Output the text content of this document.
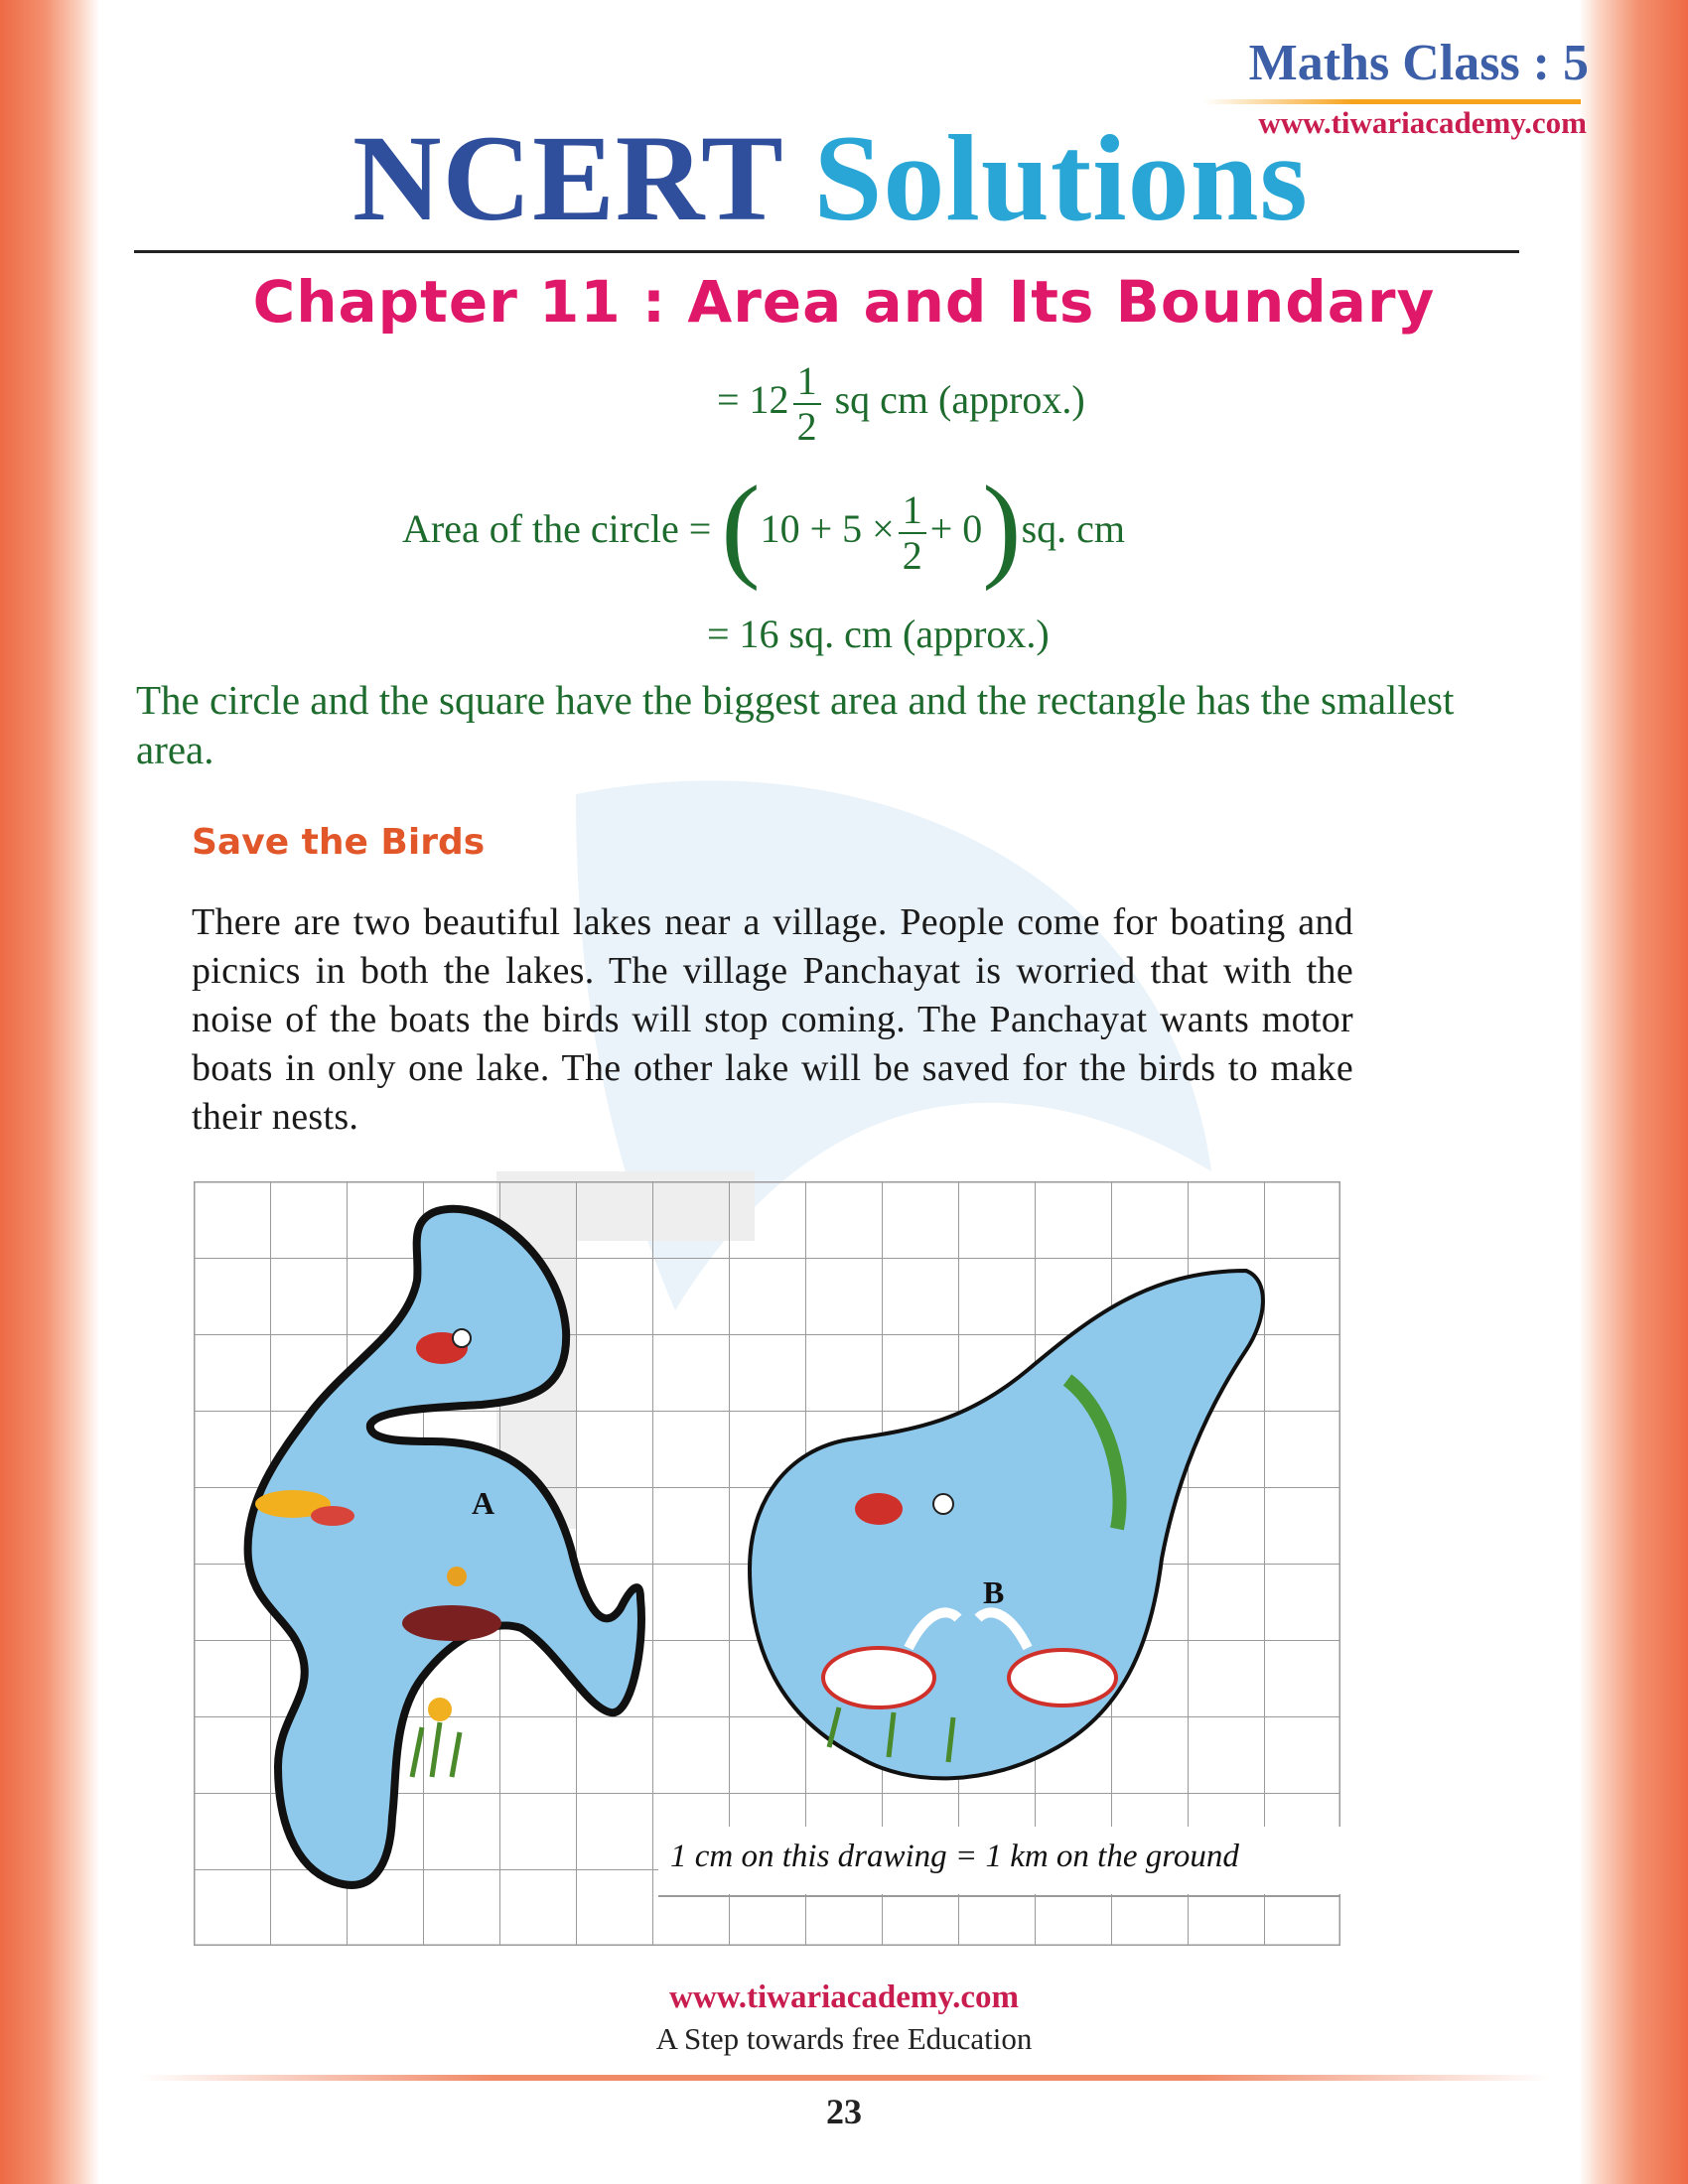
Maths Class : 5
www.tiwariacademy.com
NCERT Solutions
Chapter 11 : Area and Its Boundary
= $12 \frac{1}{2}$ sq cm (approx.)
Area of the circle = $(10 + 5 \times \frac{1}{2} + 0)sq$. cm
= 16 sq. cm (approx.)
The circle and the square have the biggest area and the rectangle has the smallest area.
Save the Birds
There are two beautiful lakes near a village. People come for boating and picnics in both the lakes. The village Panchayat is worried that with the noise of the boats the birds will stop coming. The Panchayat wants motor boats in only one lake. The other lake will be saved for the birds to make their nests.
A
B
1 cm on this drawing = 1 km on the ground
www.tiwariacademy.com
A Step towards free Education
23
